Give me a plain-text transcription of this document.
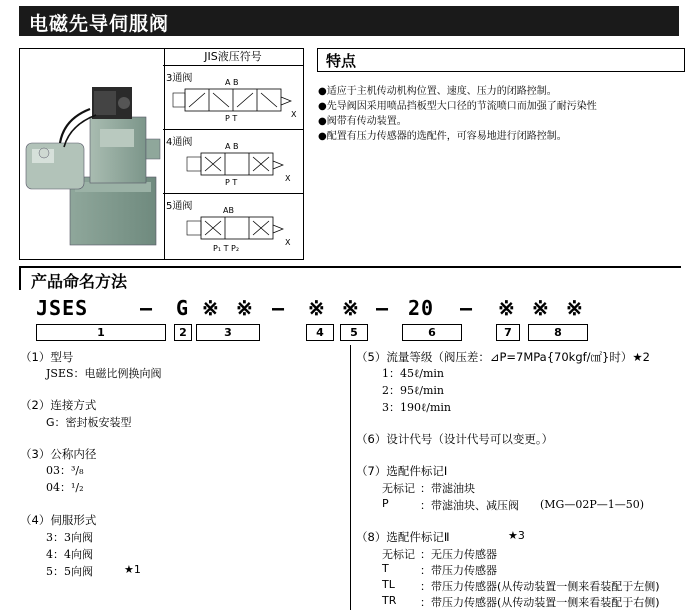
电磁先导伺服阀
JIS液压符号
3通阀	A B
P T	X
4通阀	A B
P T	X
5通阀	AB
P₁ T P₂
X
特点
●适应于主机传动机构位置、速度、压力的闭路控制。
●先导阀因采用喷品挡板型大口径的节流喷口而加强了耐污染性
●阀带有传动装置。
●配置有压力传感器的选配件，可容易地进行闭路控制。
产品命名方法
JSES	— G ※ ※ — ※ ※ — 20 — ※ ※ ※
1	2	3	4	5	6	7	8
（1）型号
JSES：电磁比例换向阀
（2）连接方式
G：密封板安装型
（3）公称内径
03：³/₈
04：¹/₂
（4）伺服形式
3：3向阀
4：4向阀
5：5向阀	★1
（5）流量等级（阀压差：⊿P=7MPa{70kgf/㎠}时）★2
1：45ℓ/min
2：95ℓ/min
3：190ℓ/min
（6）设计代号（设计代号可以变更。）
（7）选配件标记Ⅰ
无标记 ：带滤油块
P	：带滤油块、减压阀 (MG—02P—1—50)
（8）选配件标记Ⅱ	★3
无标记 ：无压力传感器
T	：带压力传感器
TL ：带压力传感器(从传动装置一侧来看装配于左侧)
TR ：带压力传感器(从传动装置一侧来看装配于右侧)
